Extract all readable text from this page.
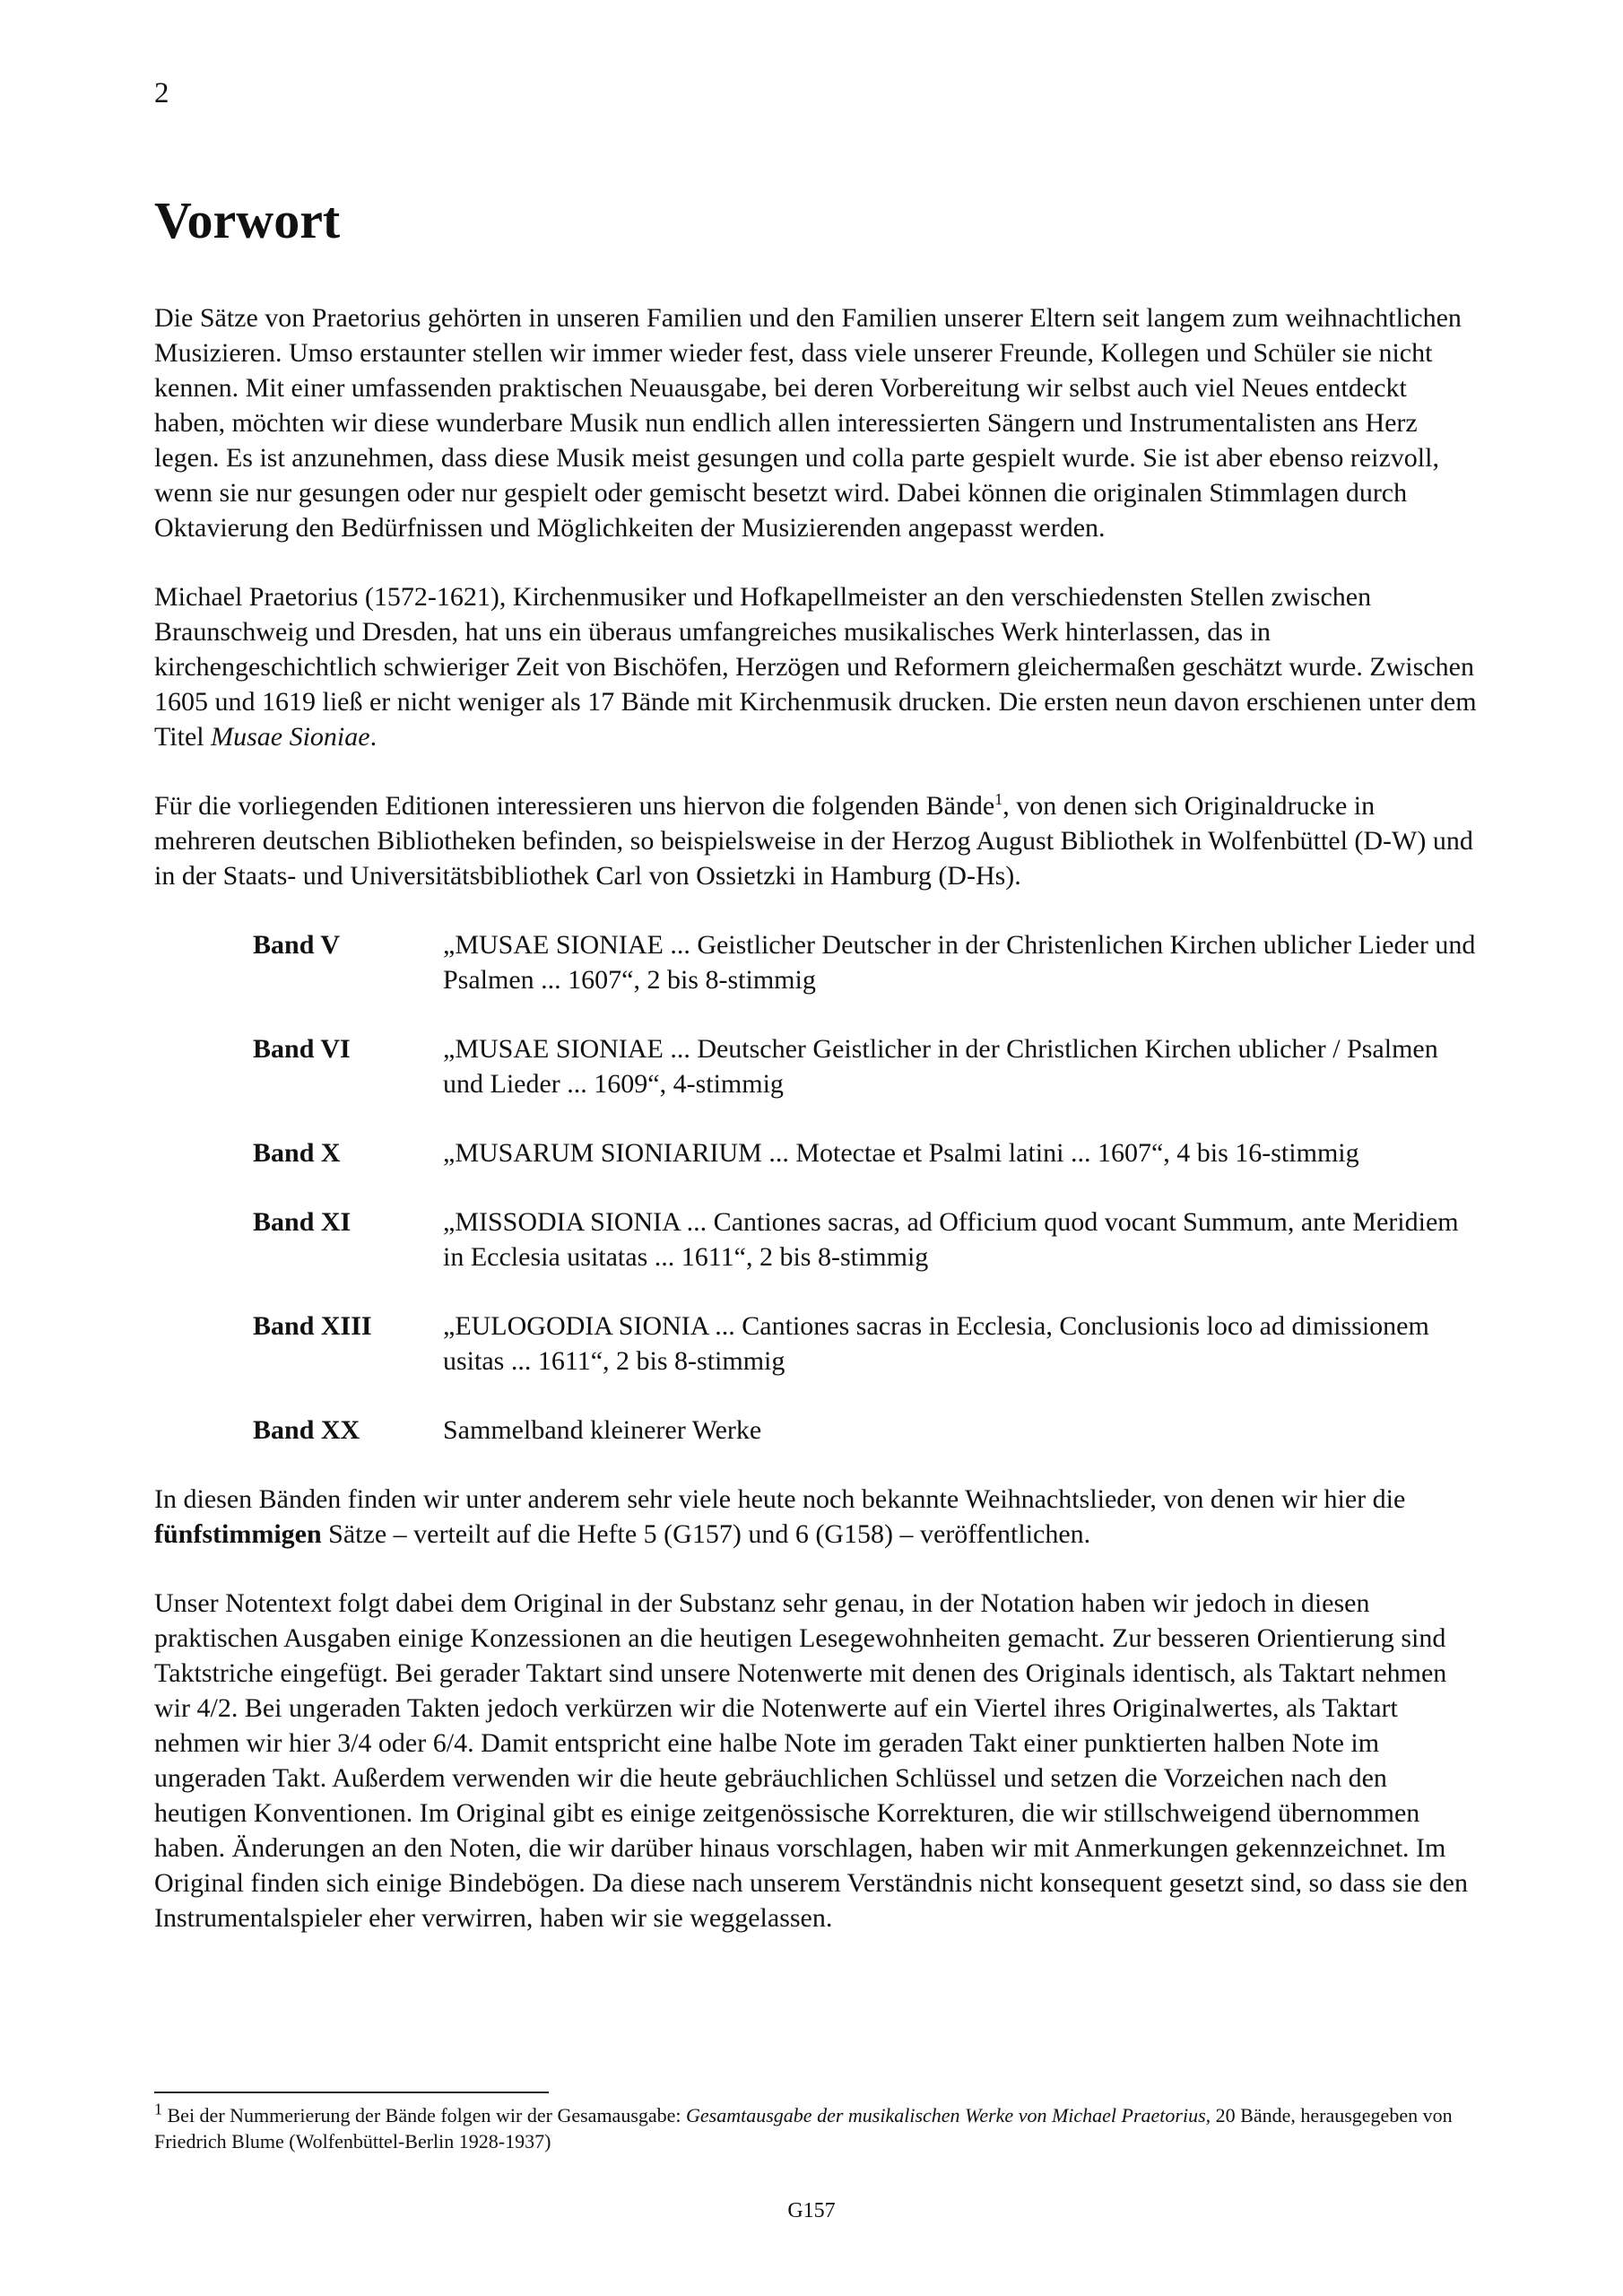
2
Vorwort

Die Sätze von Praetorius gehörten in unseren Familien und den Familien unserer Eltern seit langem zum weihnachtlichen Musizieren. Umso erstaunter stellen wir immer wieder fest, dass viele unserer Freunde, Kollegen und Schüler sie nicht kennen. Mit einer umfassenden praktischen Neuausgabe, bei deren Vorbereitung wir selbst auch viel Neues entdeckt haben, möchten wir diese wunderbare Musik nun endlich allen interessierten Sängern und Instrumentalisten ans Herz legen. Es ist anzunehmen, dass diese Musik meist gesungen und colla parte gespielt wurde. Sie ist aber ebenso reizvoll, wenn sie nur gesungen oder nur gespielt oder gemischt besetzt wird. Dabei können die originalen Stimmlagen durch Oktavierung den Bedürfnissen und Möglichkeiten der Musizierenden angepasst werden.

Michael Praetorius (1572-1621), Kirchenmusiker und Hofkapellmeister an den verschiedensten Stellen zwischen Braunschweig und Dresden, hat uns ein überaus umfangreiches musikalisches Werk hinterlassen, das in kirchengeschichtlich schwieriger Zeit von Bischöfen, Herzögen und Reformern gleichermaßen geschätzt wurde. Zwischen 1605 und 1619 ließ er nicht weniger als 17 Bände mit Kirchenmusik drucken. Die ersten neun davon erschienen unter dem Titel Musae Sioniae.

Für die vorliegenden Editionen interessieren uns hiervon die folgenden Bände$^1$, von denen sich Originaldrucke in mehreren deutschen Bibliotheken befinden, so beispielsweise in der Herzog August Bibliothek in Wolfenbüttel (D-W) und in der Staats- und Universitätsbibliothek Carl von Ossietzki in Hamburg (D-Hs).

Band V	„MUSAE SIONIAE ... Geistlicher Deutscher in der Christenlichen Kirchen ublicher Lieder und Psalmen ... 1607“, 2 bis 8-stimmig
Band VI	„MUSAE SIONIAE ... Deutscher Geistlicher in der Christlichen Kirchen ublicher / Psalmen und Lieder ... 1609“, 4-stimmig
Band X	„MUSARUM SIONIARIUM ... Motectae et Psalmi latini ... 1607“, 4 bis 16-stimmig
Band XI	„MISSODIA SIONIA ... Cantiones sacras, ad Officium quod vocant Summum, ante Meridiem in Ecclesia usitatas ... 1611“, 2 bis 8-stimmig
Band XIII	„EULOGODIA SIONIA ... Cantiones sacras in Ecclesia, Conclusionis loco ad dimissionem usitas ... 1611“, 2 bis 8-stimmig
Band XX	Sammelband kleinerer Werke

In diesen Bänden finden wir unter anderem sehr viele heute noch bekannte Weihnachtslieder, von denen wir hier die fünfstimmigen Sätze – verteilt auf die Hefte 5 (G157) und 6 (G158) – veröffentlichen.

Unser Notentext folgt dabei dem Original in der Substanz sehr genau, in der Notation haben wir jedoch in diesen praktischen Ausgaben einige Konzessionen an die heutigen Lesegewohnheiten gemacht. Zur besseren Orientierung sind Taktstriche eingefügt. Bei gerader Taktart sind unsere Notenwerte mit denen des Originals identisch, als Taktart nehmen wir 4/2. Bei ungeraden Takten jedoch verkürzen wir die Notenwerte auf ein Viertel ihres Originalwertes, als Taktart nehmen wir hier 3/4 oder 6/4. Damit entspricht eine halbe Note im geraden Takt einer punktierten halben Note im ungeraden Takt. Außerdem verwenden wir die heute gebräuchlichen Schlüssel und setzen die Vorzeichen nach den heutigen Konventionen. Im Original gibt es einige zeitgenössische Korrekturen, die wir stillschweigend übernommen haben. Änderungen an den Noten, die wir darüber hinaus vorschlagen, haben wir mit Anmerkungen gekennzeichnet. Im Original finden sich einige Bindebögen. Da diese nach unserem Verständnis nicht konsequent gesetzt sind, so dass sie den Instrumentalspieler eher verwirren, haben wir sie weggelassen.

$^1$ Bei der Nummerierung der Bände folgen wir der Gesamausgabe: Gesamtausgabe der musikalischen Werke von Michael Praetorius, 20 Bände, herausgegeben von Friedrich Blume (Wolfenbüttel-Berlin 1928-1937)
G157
